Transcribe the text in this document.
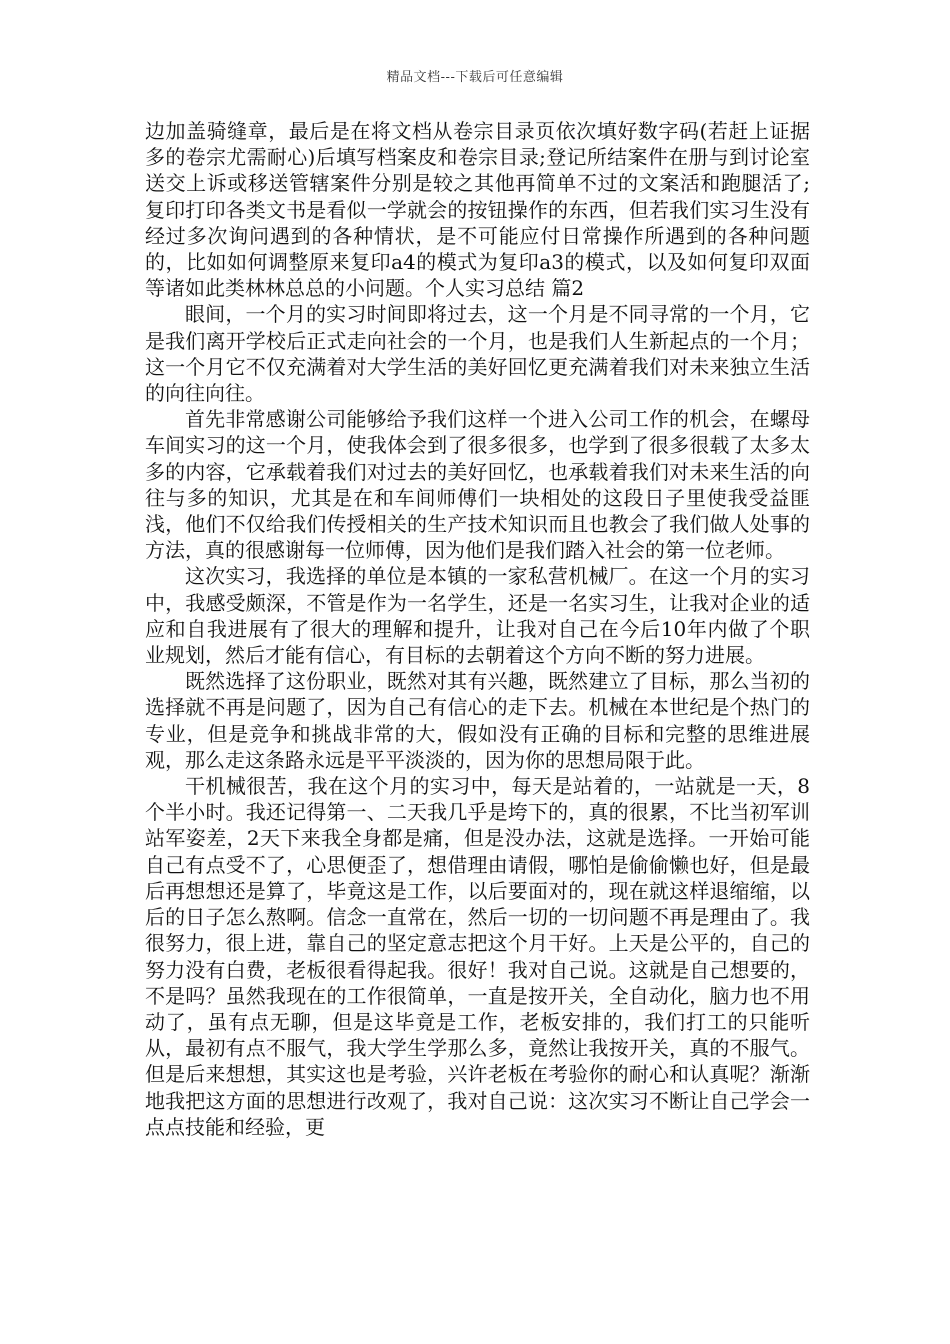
精品文档---下载后可任意编辑

边加盖骑缝章，最后是在将文档从卷宗目录页依次填好数字码(若赶上证据多的卷宗尤需耐心)后填写档案皮和卷宗目录;登记所结案件在册与到讨论室送交上诉或移送管辖案件分别是较之其他再简单不过的文案活和跑腿活了;复印打印各类文书是看似一学就会的按钮操作的东西，但若我们实习生没有经过多次询问遇到的各种情状，是不可能应付日常操作所遇到的各种问题的，比如如何调整原来复印a4的模式为复印a3的模式，以及如何复印双面等诸如此类林林总总的小问题。个人实习总结 篇2

眼间，一个月的实习时间即将过去，这一个月是不同寻常的一个月，它是我们离开学校后正式走向社会的一个月，也是我们人生新起点的一个月；这一个月它不仅充满着对大学生活的美好回忆更充满着我们对未来独立生活的向往向往。

首先非常感谢公司能够给予我们这样一个进入公司工作的机会，在螺母车间实习的这一个月，使我体会到了很多很多，也学到了很多很载了太多太多的内容，它承载着我们对过去的美好回忆，也承载着我们对未来生活的向往与多的知识，尤其是在和车间师傅们一块相处的这段日子里使我受益匪浅，他们不仅给我们传授相关的生产技术知识而且也教会了我们做人处事的方法，真的很感谢每一位师傅，因为他们是我们踏入社会的第一位老师。

这次实习，我选择的单位是本镇的一家私营机械厂。在这一个月的实习中，我感受颇深，不管是作为一名学生，还是一名实习生，让我对企业的适应和自我进展有了很大的理解和提升，让我对自己在今后10年内做了个职业规划，然后才能有信心，有目标的去朝着这个方向不断的努力进展。

既然选择了这份职业，既然对其有兴趣，既然建立了目标，那么当初的选择就不再是问题了，因为自己有信心的走下去。机械在本世纪是个热门的专业，但是竞争和挑战非常的大，假如没有正确的目标和完整的思维进展观，那么走这条路永远是平平淡淡的，因为你的思想局限于此。

干机械很苦，我在这个月的实习中，每天是站着的，一站就是一天，8个半小时。我还记得第一、二天我几乎是垮下的，真的很累，不比当初军训站军姿差，2天下来我全身都是痛，但是没办法，这就是选择。一开始可能自己有点受不了，心思便歪了，想借理由请假，哪怕是偷偷懒也好，但是最后再想想还是算了，毕竟这是工作，以后要面对的，现在就这样退缩缩，以后的日子怎么熬啊。信念一直常在，然后一切的一切问题不再是理由了。我很努力，很上进，靠自己的坚定意志把这个月干好。上天是公平的，自己的努力没有白费，老板很看得起我。很好！我对自己说。这就是自己想要的，不是吗？虽然我现在的工作很简单，一直是按开关，全自动化，脑力也不用动了，虽有点无聊，但是这毕竟是工作，老板安排的，我们打工的只能听从，最初有点不服气，我大学生学那么多，竟然让我按开关，真的不服气。但是后来想想，其实这也是考验，兴许老板在考验你的耐心和认真呢？渐渐地我把这方面的思想进行改观了，我对自己说：这次实习不断让自己学会一点点技能和经验，更
